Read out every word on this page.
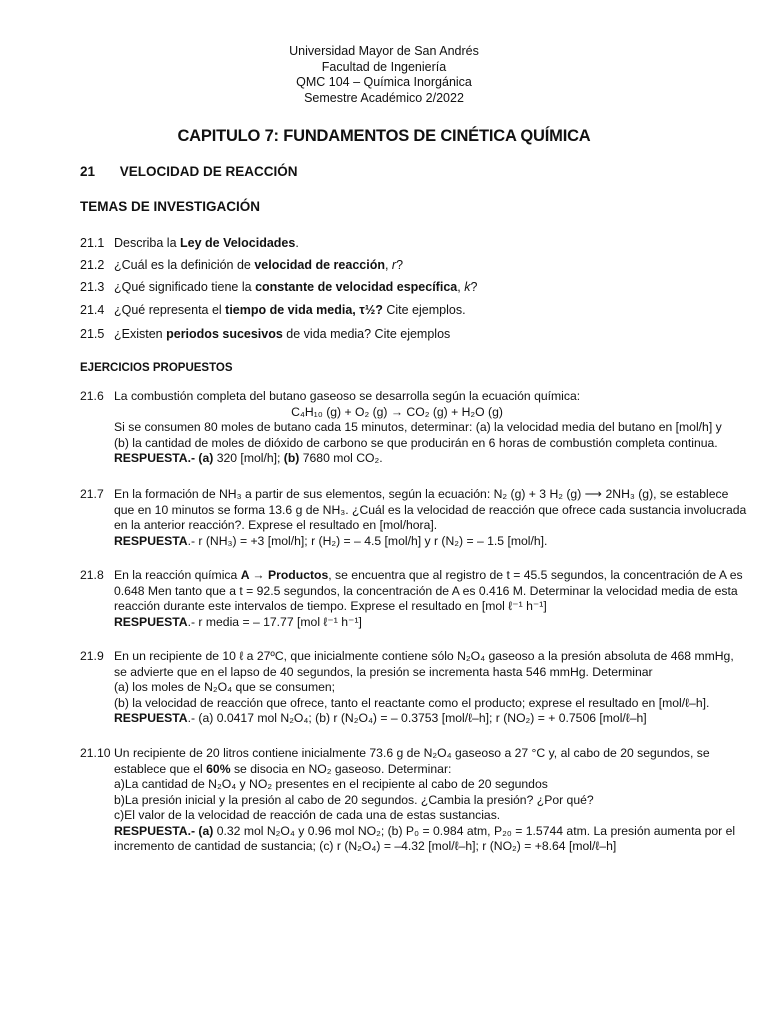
Universidad Mayor de San Andrés
Facultad de Ingeniería
QMC 104 – Química Inorgánica
Semestre Académico 2/2022
CAPITULO 7: FUNDAMENTOS DE CINÉTICA QUÍMICA
21 VELOCIDAD DE REACCIÓN
TEMAS DE INVESTIGACIÓN
21.1 Describa la Ley de Velocidades.
21.2 ¿Cuál es la definición de velocidad de reacción, r?
21.3 ¿Qué significado tiene la constante de velocidad específica, k?
21.4 ¿Qué representa el tiempo de vida media, τ½? Cite ejemplos.
21.5 ¿Existen periodos sucesivos de vida media? Cite ejemplos
EJERCICIOS PROPUESTOS
21.6 La combustión completa del butano gaseoso se desarrolla según la ecuación química:
C₄H₁₀ (g) + O₂ (g) → CO₂ (g) + H₂O (g)
Si se consumen 80 moles de butano cada 15 minutos, determinar: (a) la velocidad media del butano en [mol/h] y
(b) la cantidad de moles de dióxido de carbono se que producirán en 6 horas de combustión completa continua.
RESPUESTA.- (a) 320 [mol/h]; (b) 7680 mol CO₂.
21.7 En la formación de NH₃ a partir de sus elementos, según la ecuación: N₂ (g) + 3 H₂ (g) ⟶ 2NH₃ (g), se establece
que en 10 minutos se forma 13.6 g de NH₃. ¿Cuál es la velocidad de reacción que ofrece cada sustancia involucrada
en la anterior reacción?. Exprese el resultado en [mol/hora].
RESPUESTA.- r (NH₃) = +3 [mol/h]; r (H₂) = – 4.5 [mol/h] y r (N₂) = – 1.5 [mol/h].
21.8 En la reacción química A → Productos, se encuentra que al registro de t = 45.5 segundos, la concentración de A es
0.648 Men tanto que a t = 92.5 segundos, la concentración de A es 0.416 M. Determinar la velocidad media de esta
reacción durante este intervalos de tiempo. Exprese el resultado en [mol ℓ⁻¹ h⁻¹]
RESPUESTA.- r media = – 17.77 [mol ℓ⁻¹ h⁻¹]
21.9 En un recipiente de 10 ℓ a 27ºC, que inicialmente contiene sólo N₂O₄ gaseoso a la presión absoluta de 468 mmHg,
se advierte que en el lapso de 40 segundos, la presión se incrementa hasta 546 mmHg. Determinar
(a) los moles de N₂O₄ que se consumen;
(b) la velocidad de reacción que ofrece, tanto el reactante como el producto; exprese el resultado en [mol/ℓ–h].
RESPUESTA.- (a) 0.0417 mol N₂O₄; (b) r (N₂O₄) = – 0.3753 [mol/ℓ–h]; r (NO₂) = + 0.7506 [mol/ℓ–h]
21.10 Un recipiente de 20 litros contiene inicialmente 73.6 g de N₂O₄ gaseoso a 27 °C y, al cabo de 20 segundos, se
establece que el 60% se disocia en NO₂ gaseoso. Determinar:
a)La cantidad de N₂O₄ y NO₂ presentes en el recipiente al cabo de 20 segundos
b)La presión inicial y la presión al cabo de 20 segundos. ¿Cambia la presión? ¿Por qué?
c)El valor de la velocidad de reacción de cada una de estas sustancias.
RESPUESTA.- (a) 0.32 mol N₂O₄ y 0.96 mol NO₂; (b) P₀ = 0.984 atm, P₂₀ = 1.5744 atm. La presión aumenta por el
incremento de cantidad de sustancia; (c) r (N₂O₄) = –4.32 [mol/ℓ–h]; r (NO₂) = +8.64 [mol/ℓ–h]
